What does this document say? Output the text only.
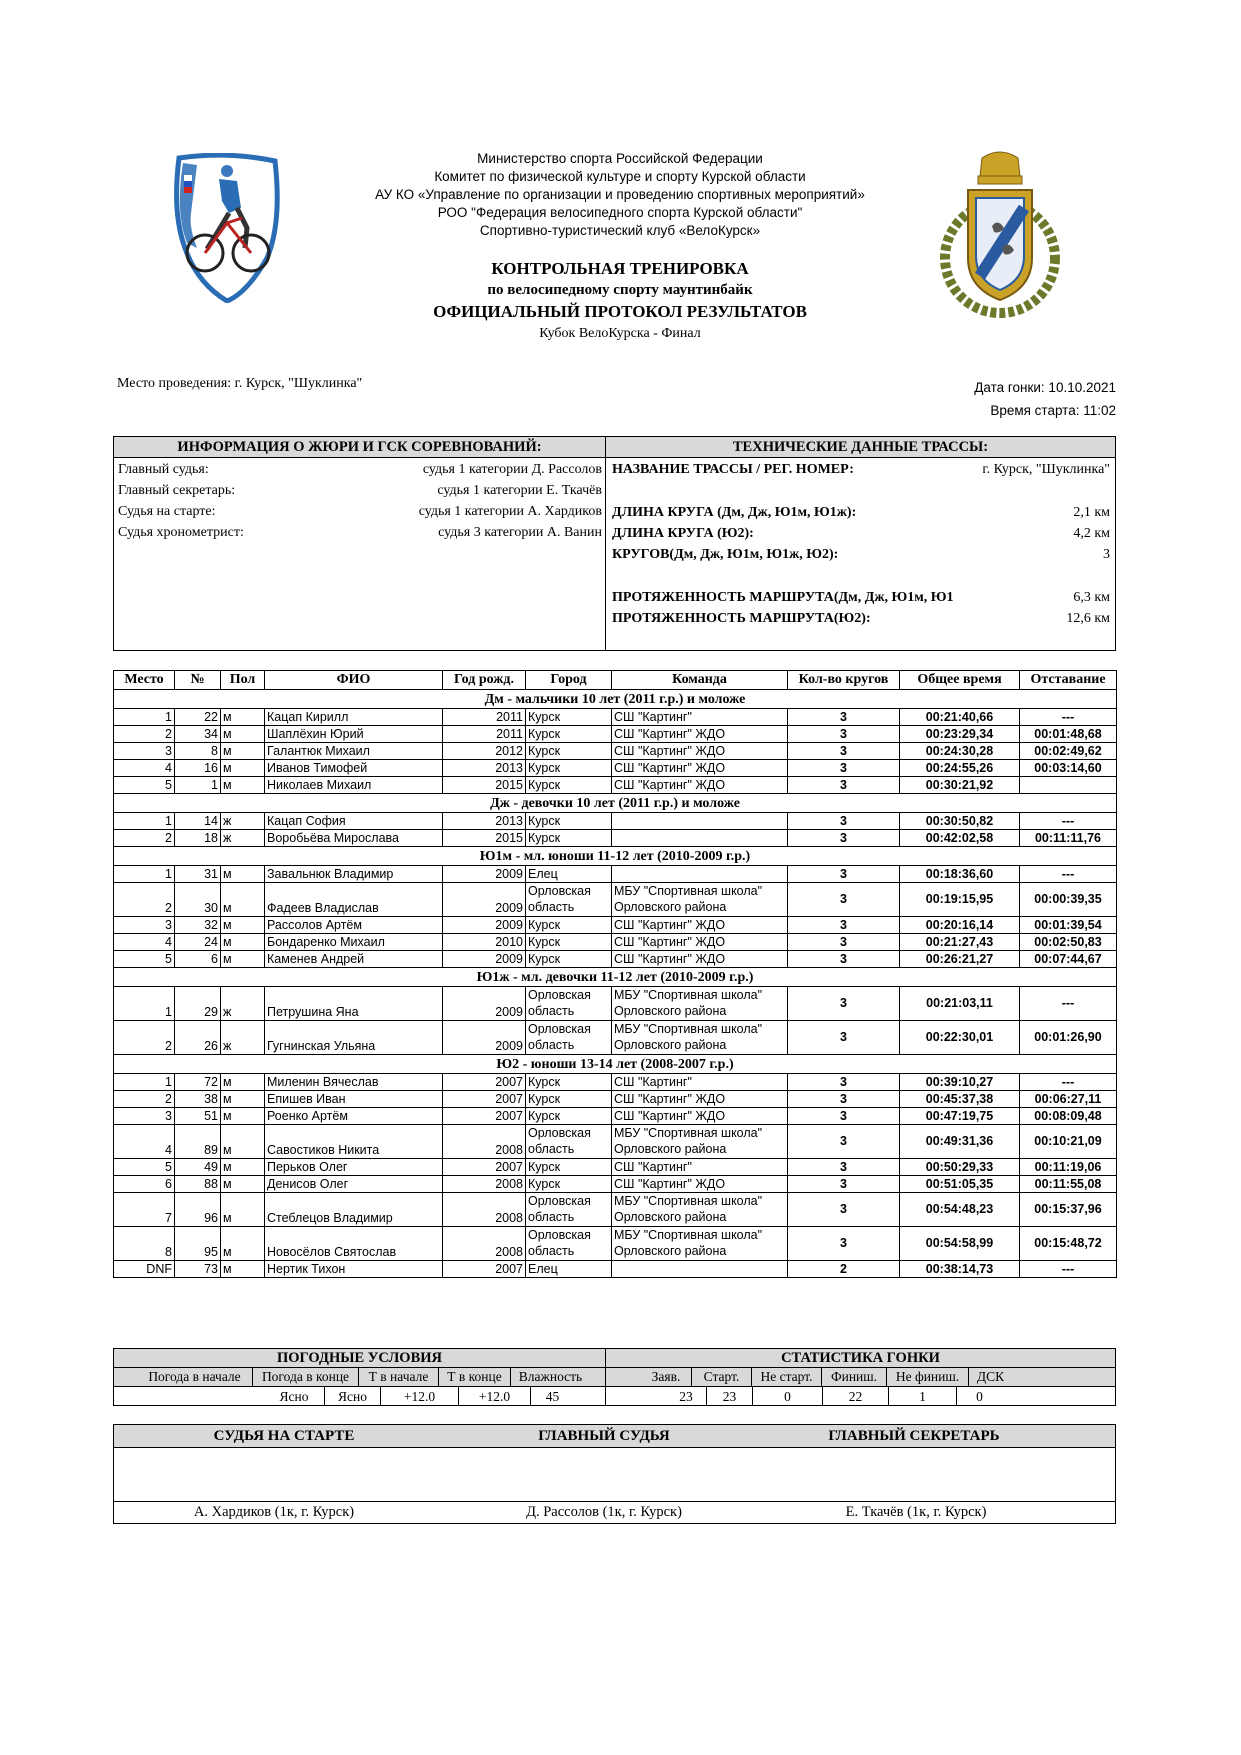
Министерство спорта Российской Федерации
Комитет по физической культуре и спорту Курской области
АУ КО «Управление по организации и проведению спортивных мероприятий»
РОО "Федерация велосипедного спорта Курской области"
Спортивно-туристический клуб «ВелоКурск»
КОНТРОЛЬНАЯ ТРЕНИРОВКА
по велосипедному спорту маунтинбайк
ОФИЦИАЛЬНЫЙ ПРОТОКОЛ РЕЗУЛЬТАТОВ
Кубок ВелоКурска - Финал
Место проведения: г. Курск, "Шуклинка"	Дата гонки: 10.10.2021
Время старта: 11:02
ИНФОРМАЦИЯ О ЖЮРИ И ГСК СОРЕВНОВАНИЙ:	ТЕХНИЧЕСКИЕ ДАННЫЕ ТРАССЫ:
Главный судья:	судья 1 категории Д. Рассолов
Главный секретарь:	судья 1 категории Е. Ткачёв
Судья на старте:	судья 1 категории А. Хардиков
Судья хронометрист:	судья 3 категории А. Ванин
НАЗВАНИЕ ТРАССЫ / РЕГ. НОМЕР:	г. Курск, "Шуклинка"
ДЛИНА КРУГА (Дм, Дж, Ю1м, Ю1ж):	2,1 км
ДЛИНА КРУГА (Ю2):	4,2 км
КРУГОВ(Дм, Дж, Ю1м, Ю1ж, Ю2):	3
ПРОТЯЖЕННОСТЬ МАРШРУТА(Дм, Дж, Ю1м, Ю1	6,3 км
ПРОТЯЖЕННОСТЬ МАРШРУТА(Ю2):	12,6 км
Место	№	Пол	ФИО	Год рожд.	Город	Команда	Кол-во кругов	Общее время	Отставание
Дм - мальчики 10 лет (2011 г.р.) и моложе									
1	22	м	Кацап Кирилл	2011	Курск	СШ "Картинг"	3	00:21:40,66	---
2	34	м	Шаплёхин Юрий	2011	Курск	СШ "Картинг" ЖДО	3	00:23:29,34	00:01:48,68
3	8	м	Галантюк Михаил	2012	Курск	СШ "Картинг" ЖДО	3	00:24:30,28	00:02:49,62
4	16	м	Иванов Тимофей	2013	Курск	СШ "Картинг" ЖДО	3	00:24:55,26	00:03:14,60
5	1	м	Николаев Михаил	2015	Курск	СШ "Картинг" ЖДО	3	00:30:21,92	
Дж - девочки 10 лет (2011 г.р.) и моложе									
1	14	ж	Кацап София	2013	Курск		3	00:30:50,82	---
2	18	ж	Воробьёва Мирослава	2015	Курск		3	00:42:02,58	00:11:11,76
Ю1м - мл. юноши 11-12 лет (2010-2009 г.р.)									
1	31	м	Завальнюк Владимир	2009	Елец		3	00:18:36,60	---
2	30	м	Фадеев Владислав	2009	Орловская область	МБУ "Спортивная школа" Орловского района	3	00:19:15,95	00:00:39,35
3	32	м	Рассолов Артём	2009	Курск	СШ "Картинг" ЖДО	3	00:20:16,14	00:01:39,54
4	24	м	Бондаренко Михаил	2010	Курск	СШ "Картинг" ЖДО	3	00:21:27,43	00:02:50,83
5	6	м	Каменев Андрей	2009	Курск	СШ "Картинг" ЖДО	3	00:26:21,27	00:07:44,67
Ю1ж - мл. девочки 11-12 лет (2010-2009 г.р.)									
1	29	ж	Петрушина Яна	2009	Орловская область	МБУ "Спортивная школа" Орловского района	3	00:21:03,11	---
2	26	ж	Гугнинская Ульяна	2009	Орловская область	МБУ "Спортивная школа" Орловского района	3	00:22:30,01	00:01:26,90
Ю2 - юноши 13-14 лет (2008-2007 г.р.)									
1	72	м	Миленин Вячеслав	2007	Курск	СШ "Картинг"	3	00:39:10,27	---
2	38	м	Епишев Иван	2007	Курск	СШ "Картинг" ЖДО	3	00:45:37,38	00:06:27,11
3	51	м	Роенко Артём	2007	Курск	СШ "Картинг" ЖДО	3	00:47:19,75	00:08:09,48
4	89	м	Савостиков Никита	2008	Орловская область	МБУ "Спортивная школа" Орловского района	3	00:49:31,36	00:10:21,09
5	49	м	Перьков Олег	2007	Курск	СШ "Картинг"	3	00:50:29,33	00:11:19,06
6	88	м	Денисов Олег	2008	Курск	СШ "Картинг" ЖДО	3	00:51:05,35	00:11:55,08
7	96	м	Стеблецов Владимир	2008	Орловская область	МБУ "Спортивная школа" Орловского района	3	00:54:48,23	00:15:37,96
8	95	м	Новосёлов Святослав	2008	Орловская область	МБУ "Спортивная школа" Орловского района	3	00:54:58,99	00:15:48,72
DNF	73	м	Нертик Тихон	2007	Елец		2	00:38:14,73	---
ПОГОДНЫЕ УСЛОВИЯ	СТАТИСТИКА ГОНКИ
Погода в начале	Погода в конце	Т в начале	Т в конце	Влажность	Заяв.	Старт.	Не старт.	Финиш.	Не финиш.	ДСК
Ясно	Ясно	+12.0	+12.0	45	23	23	0	22	1	0
СУДЬЯ НА СТАРТЕ	ГЛАВНЫЙ СУДЬЯ	ГЛАВНЫЙ СЕКРЕТАРЬ
А. Хардиков (1к, г. Курск)	Д. Рассолов (1к, г. Курск)	Е. Ткачёв (1к, г. Курск)
